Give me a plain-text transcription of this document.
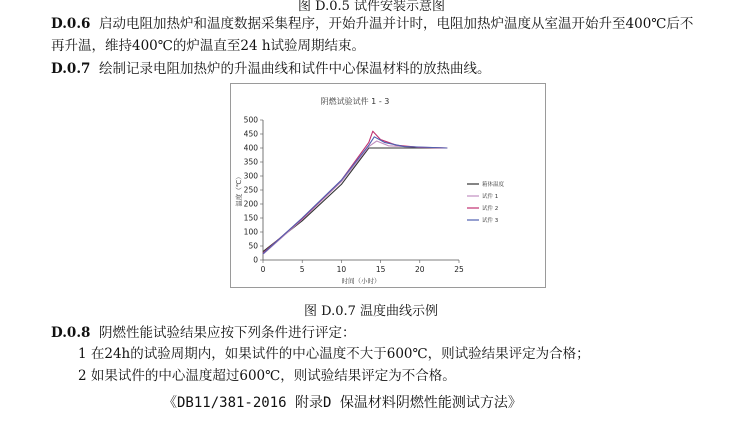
图 D.0.5 试件安装示意图
D.0.6 启动电阻加热炉和温度数据采集程序，开始升温并计时，电阻加热炉温度从室温开始升至400℃后不
再升温，维持400℃的炉温直至24 h试验周期结束。
D.0.7 绘制记录电阻加热炉的升温曲线和试件中心保温材料的放热曲线。
阴燃试验试件 1 - 3
0
50
100
150
200
250
300
350
400
450
500
0	5	10	15	20	25
时间（小时）
温度（℃）	箱体温度
试件 1
试件 2
试件 3
图 D.0.7 温度曲线示例
D.0.8 阴燃性能试验结果应按下列条件进行评定：
1 在24h的试验周期内，如果试件的中心温度不大于600℃，则试验结果评定为合格；
2 如果试件的中心温度超过600℃，则试验结果评定为不合格。
《DB11/381-2016 附录D 保温材料阴燃性能测试方法》
